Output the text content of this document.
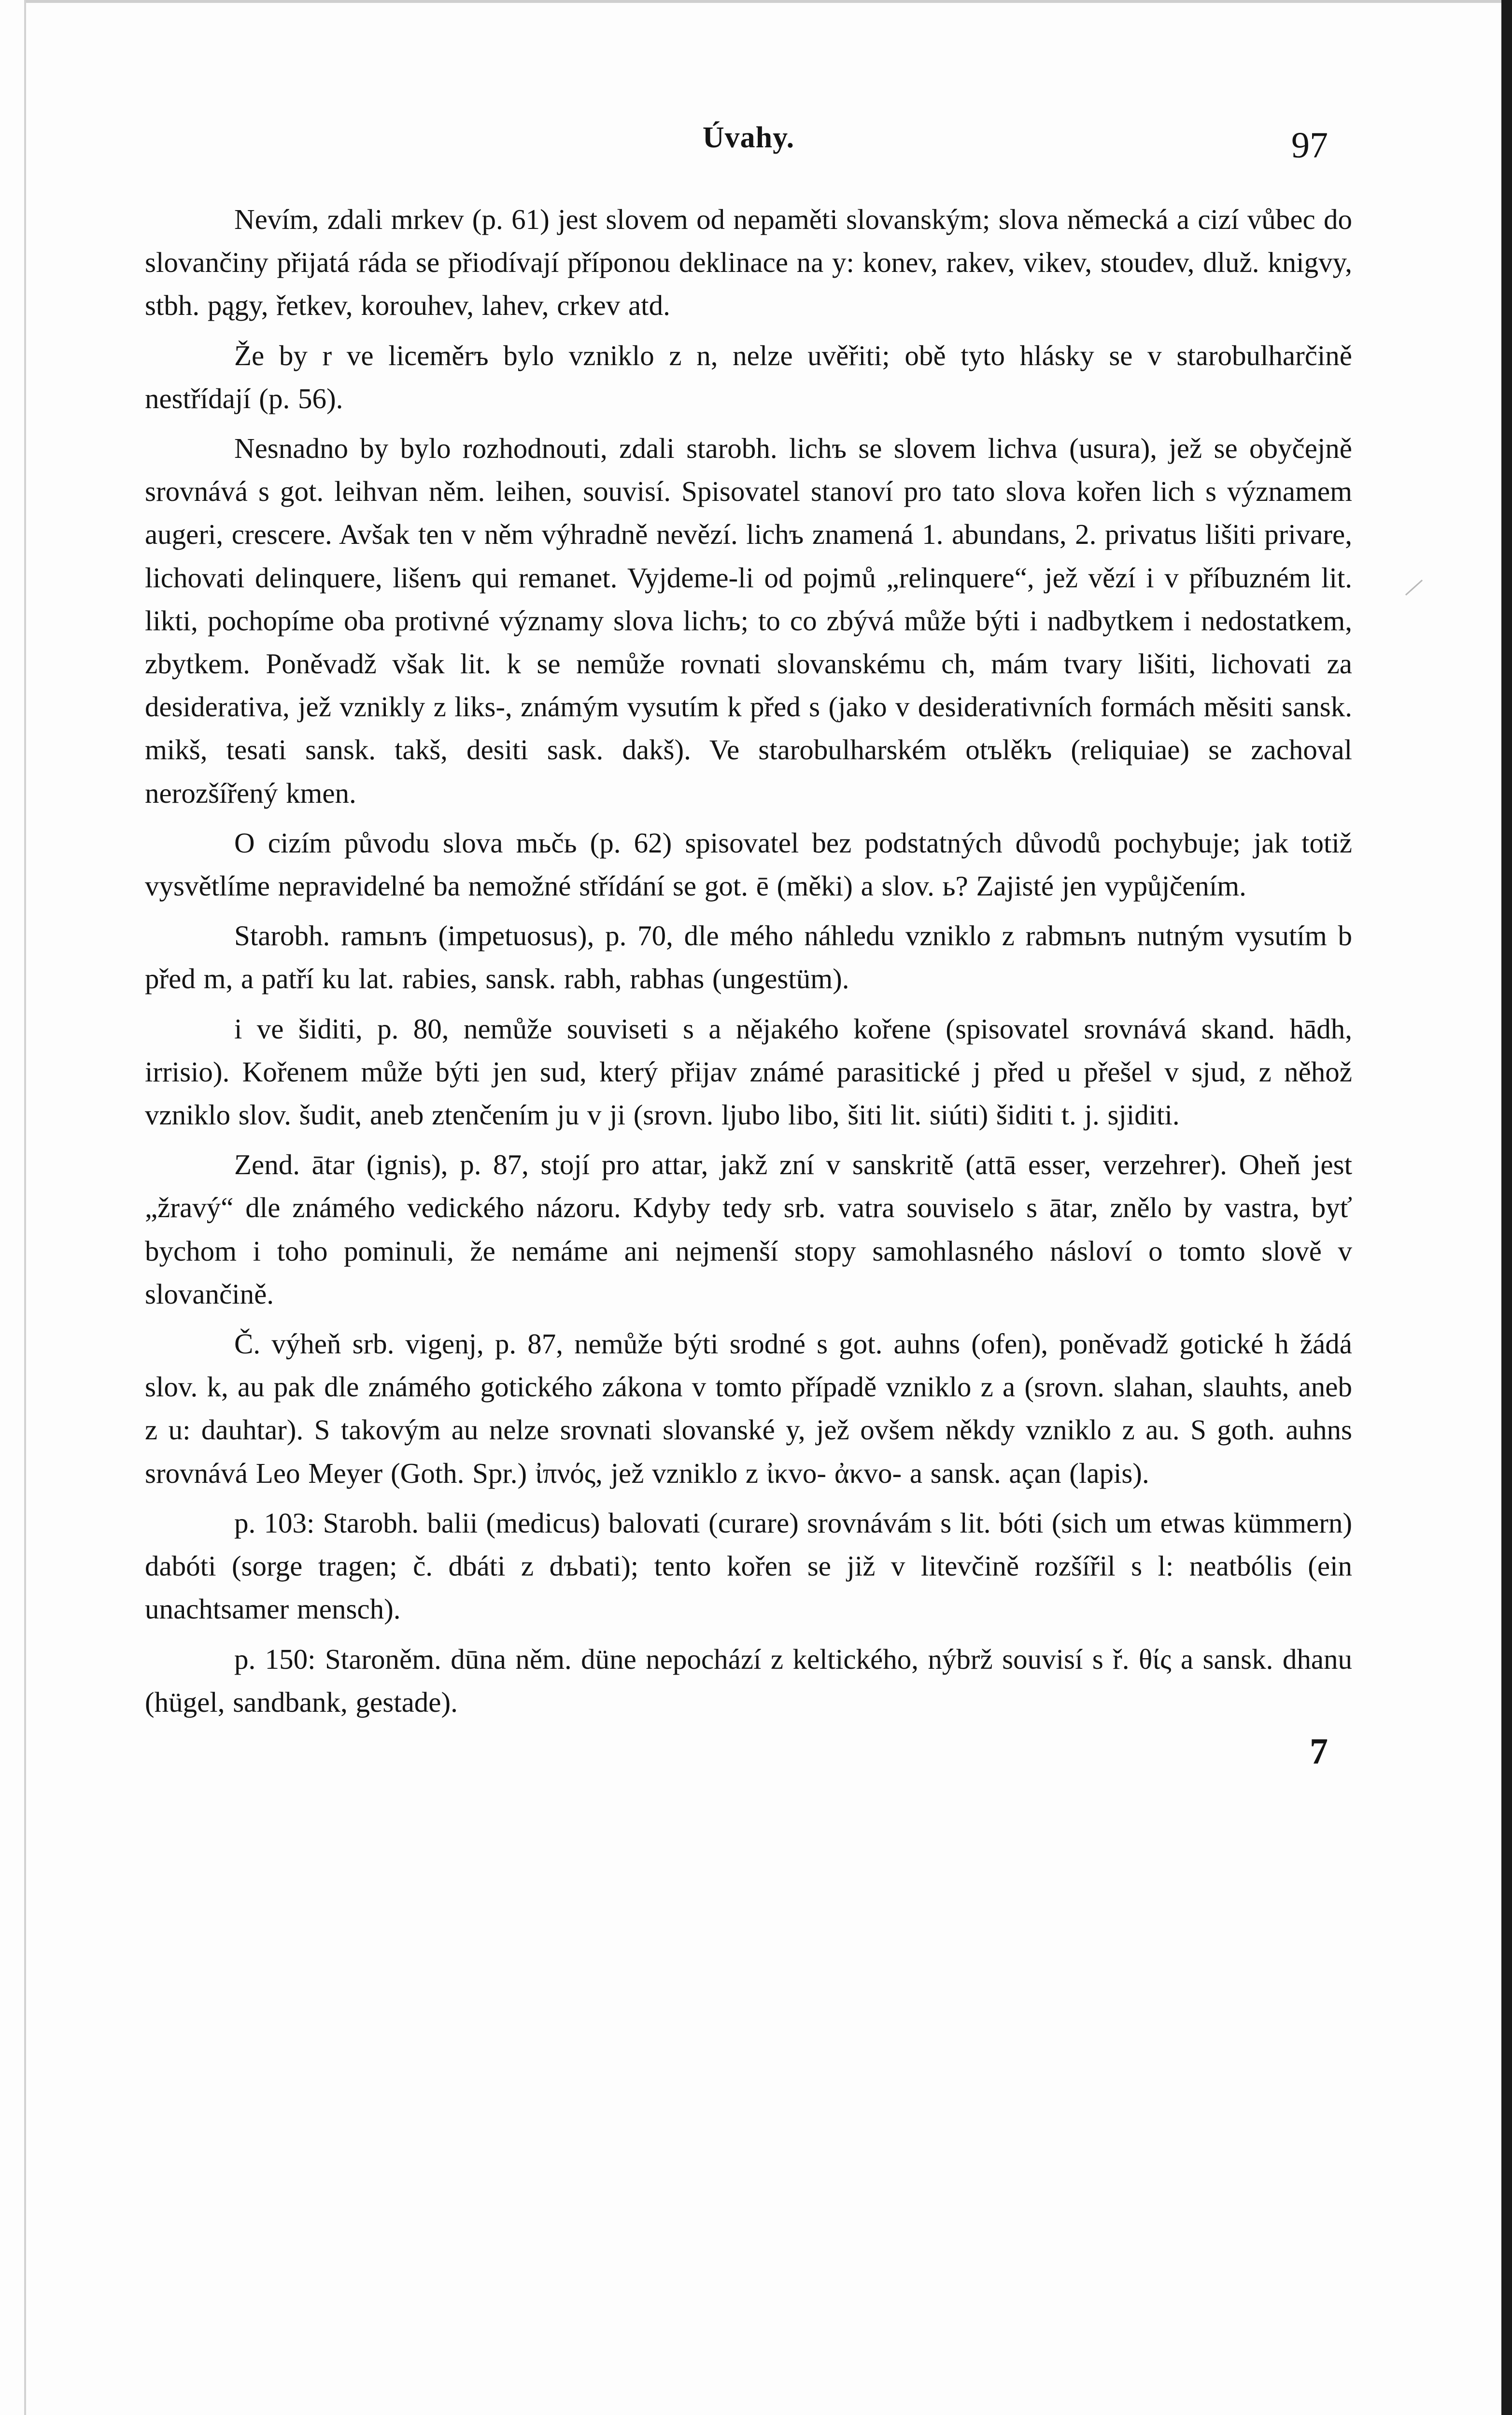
Úvahy.	97

Nevím, zdali mrkev (p. 61) jest slovem od nepaměti slovanským; slova německá a cizí vůbec do slovančiny přijatá ráda se přiodívají příponou deklinace na y: konev, rakev, vikev, stoudev, dluž. knigvy, stbh. pągy, řetkev, korouhev, lahev, crkev atd.

Že by r ve liceměrъ bylo vzniklo z n, nelze uvěřiti; obě tyto hlásky se v starobulharčině nestřídají (p. 56).

Nesnadno by bylo rozhodnouti, zdali starobh. lichъ se slovem lichva (usura), jež se obyčejně srovnává s got. leihvan něm. leihen, souvisí. Spisovatel stanoví pro tato slova kořen lich s významem augeri, crescere. Avšak ten v něm výhradně nevězí. lichъ znamená 1. abundans, 2. privatus lišiti privare, lichovati delinquere, lišenъ qui remanet. Vyjdeme-li od pojmů „relinquere“, jež vězí i v příbuzném lit. likti, pochopíme oba protivné významy slova lichъ; to co zbývá může býti i nadbytkem i nedostatkem, zbytkem. Poněvadž však lit. k se nemůže rovnati slovanskému ch, mám tvary lišiti, lichovati za desiderativa, jež vznikly z liks-, známým vysutím k před s (jako v desiderativních formách měsiti sansk. mikš, tesati sansk. takš, desiti sask. dakš). Ve starobulharském otъlěkъ (reliquiae) se zachoval nerozšířený kmen.

O cizím původu slova mьčь (p. 62) spisovatel bez podstatných důvodů pochybuje; jak totiž vysvětlíme nepravidelné ba nemožné střídání se got. ē (měki) a slov. ь? Zajisté jen vypůjčením.

Starobh. ramьnъ (impetuosus), p. 70, dle mého náhledu vzniklo z rabmьnъ nutným vysutím b před m, a patří ku lat. rabies, sansk. rabh, rabhas (ungestüm).

i ve šiditi, p. 80, nemůže souviseti s a nějakého kořene (spisovatel srovnává skand. hādh, irrisio). Kořenem může býti jen sud, který přijav známé parasitické j před u přešel v sjud, z něhož vzniklo slov. šudit, aneb ztenčením ju v ji (srovn. ljubo libo, šiti lit. siúti) šiditi t. j. sjiditi.

Zend. ātar (ignis), p. 87, stojí pro attar, jakž zní v sanskritě (attā esser, verzehrer). Oheň jest „žravý“ dle známého vedického názoru. Kdyby tedy srb. vatra souviselo s ātar, znělo by vastra, byť bychom i toho pominuli, že nemáme ani nejmenší stopy samohlasného násloví o tomto slově v slovančině.

Č. výheň srb. vigenj, p. 87, nemůže býti srodné s got. auhns (ofen), poněvadž gotické h žádá slov. k, au pak dle známého gotického zákona v tomto případě vzniklo z a (srovn. slahan, slauhts, aneb z u: dauhtar). S takovým au nelze srovnati slovanské y, jež ovšem někdy vzniklo z au. S goth. auhns srovnává Leo Meyer (Goth. Spr.) ἰπνός, jež vzniklo z ἰκvo- ἀκvo- a sansk. açan (lapis).

p. 103: Starobh. balii (medicus) balovati (curare) srovnávám s lit. bóti (sich um etwas kümmern) dabóti (sorge tragen; č. dbáti z dъbati); tento kořen se již v litevčině rozšířil s l: neatbólis (ein unachtsamer mensch).

p. 150: Staroněm. dūna něm. düne nepochází z keltického, nýbrž souvisí s ř. θίς a sansk. dhanu (hügel, sandbank, gestade).

7
